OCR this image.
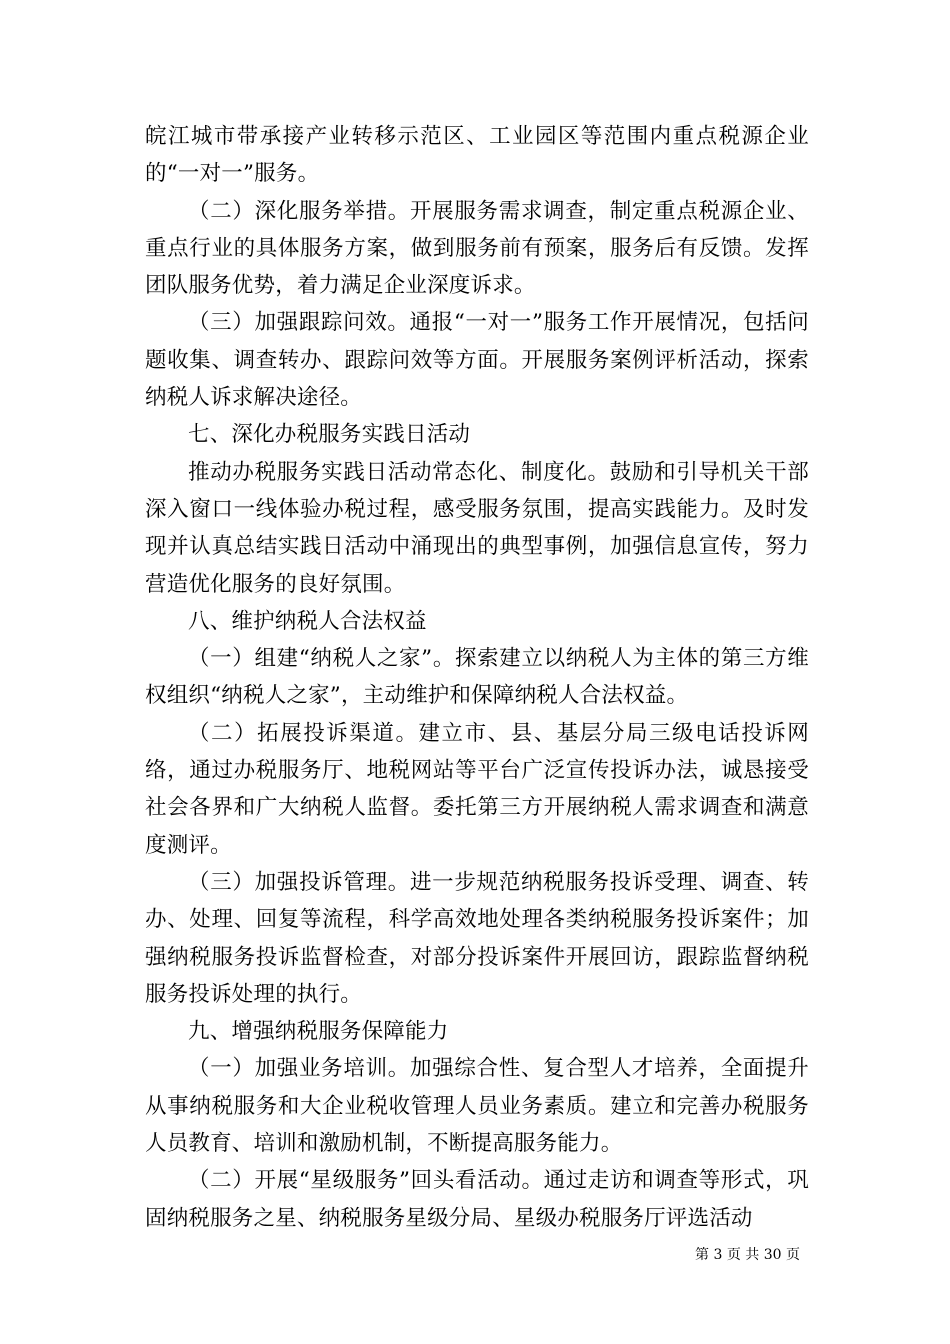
皖江城市带承接产业转移示范区、工业园区等范围内重点税源企业的“一对一”服务。

（二）深化服务举措。开展服务需求调查，制定重点税源企业、重点行业的具体服务方案，做到服务前有预案，服务后有反馈。发挥团队服务优势，着力满足企业深度诉求。

（三）加强跟踪问效。通报“一对一”服务工作开展情况，包括问题收集、调查转办、跟踪问效等方面。开展服务案例评析活动，探索纳税人诉求解决途径。

七、深化办税服务实践日活动

推动办税服务实践日活动常态化、制度化。鼓励和引导机关干部深入窗口一线体验办税过程，感受服务氛围，提高实践能力。及时发现并认真总结实践日活动中涌现出的典型事例，加强信息宣传，努力营造优化服务的良好氛围。

八、维护纳税人合法权益

（一）组建“纳税人之家”。探索建立以纳税人为主体的第三方维权组织“纳税人之家”，主动维护和保障纳税人合法权益。

（二）拓展投诉渠道。建立市、县、基层分局三级电话投诉网络，通过办税服务厅、地税网站等平台广泛宣传投诉办法，诚恳接受社会各界和广大纳税人监督。委托第三方开展纳税人需求调查和满意度测评。

（三）加强投诉管理。进一步规范纳税服务投诉受理、调查、转办、处理、回复等流程，科学高效地处理各类纳税服务投诉案件；加强纳税服务投诉监督检查，对部分投诉案件开展回访，跟踪监督纳税服务投诉处理的执行。

九、增强纳税服务保障能力

（一）加强业务培训。加强综合性、复合型人才培养，全面提升从事纳税服务和大企业税收管理人员业务素质。建立和完善办税服务人员教育、培训和激励机制，不断提高服务能力。

（二）开展“星级服务”回头看活动。通过走访和调查等形式，巩固纳税服务之星、纳税服务星级分局、星级办税服务厅评选活动

第 3 页 共 30 页
